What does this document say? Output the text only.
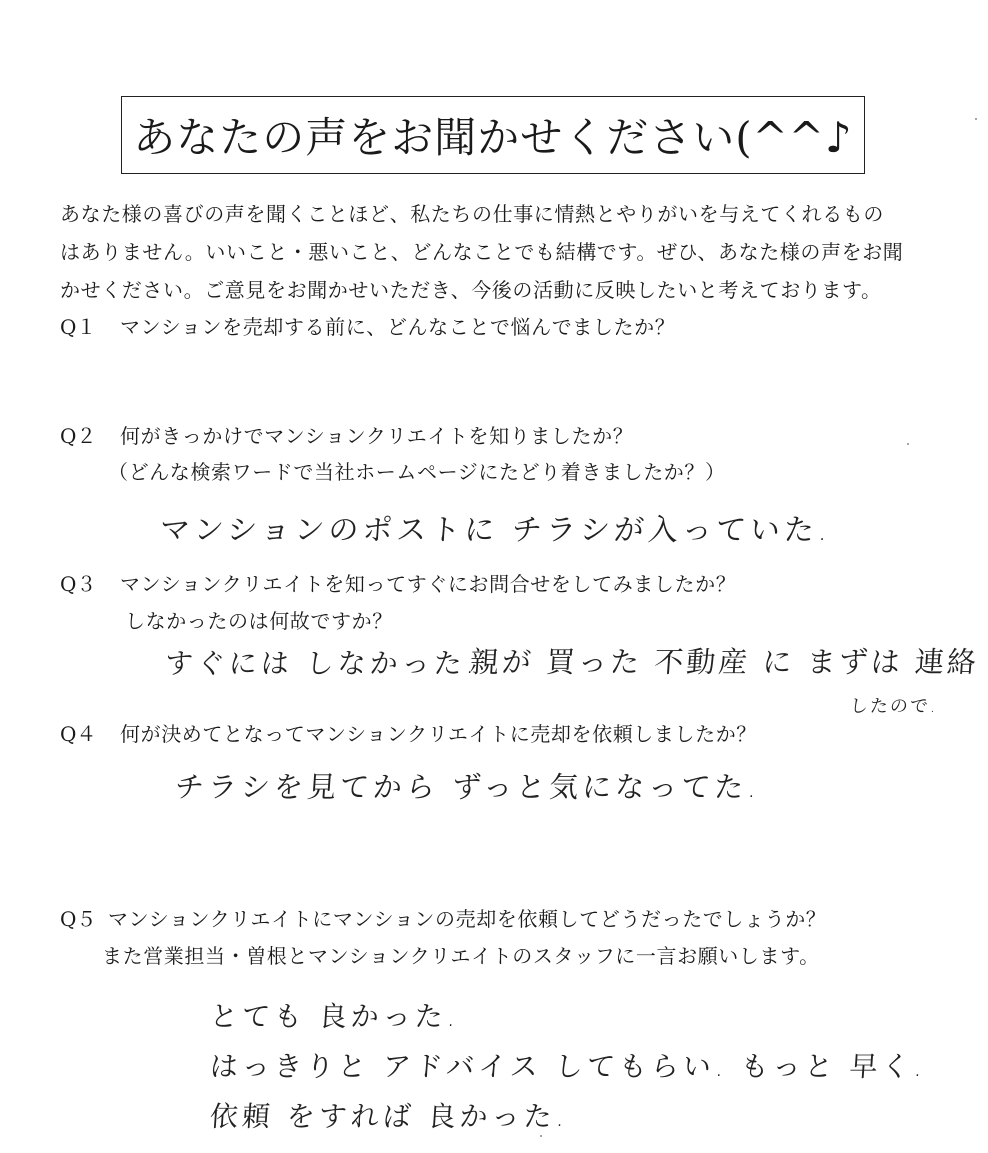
あなたの声をお聞かせください(^^♪
あなた様の喜びの声を聞くことほど、私たちの仕事に情熱とやりがいを与えてくれるもの
はありません。いいこと・悪いこと、どんなことでも結構です。ぜひ、あなた様の声をお聞
かせください。ご意見をお聞かせいただき、今後の活動に反映したいと考えております。
Q１ マンションを売却する前に、どんなことで悩んでましたか？
Q２ 何がきっかけでマンションクリエイトを知りましたか？
（どんな検索ワードで当社ホームページにたどり着きましたか？）
マンションのポストに チラシが入っていた.
Q３ マンションクリエイトを知ってすぐにお問合せをしてみましたか？
しなかったのは何故ですか？
すぐには しなかった.
親が 買った 不動産 に まずは 連絡
したので.
Q４ 何が決めてとなってマンションクリエイトに売却を依頼しましたか？
チラシを見てから ずっと気になってた.
Q５ マンションクリエイトにマンションの売却を依頼してどうだったでしょうか？
また営業担当・曽根とマンションクリエイトのスタッフに一言お願いします。
とても 良かった.
はっきりと アドバイス してもらい. もっと 早く.
依頼 をすれば 良かった.
